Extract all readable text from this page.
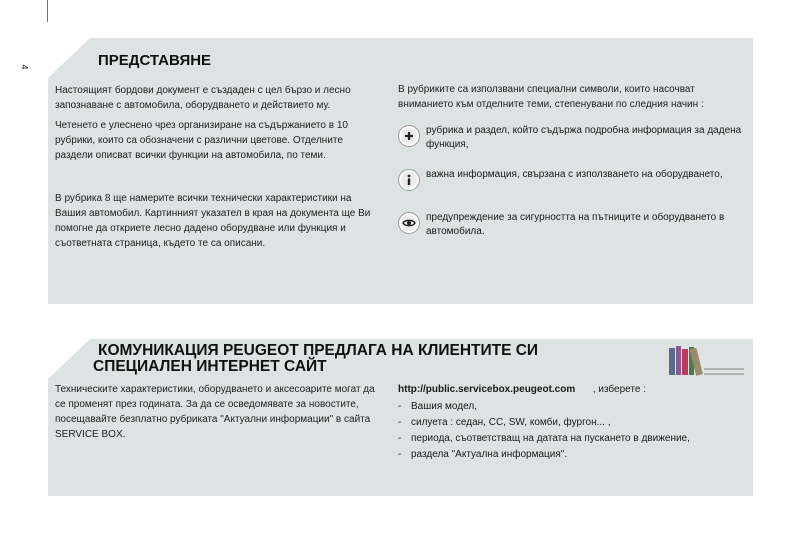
4	ПРЕДСТАВЯНЕ
Настоящият бордови документ е създаден с цел бързо и лесно запознаване с автомобила, оборудването и действието му.
Четенето е улеснено чрез организиране на съдържанието в 10 рубрики, които са обозначени с различни цветове. Отделните раздели описват всички функции на автомобила, по теми.
В рубрика 8 ще намерите всички технически характеристики на Вашия автомобил. Картинният указател в края на документа ще Ви помогне да откриете лесно дадено оборудване или функция и съответната страница, където те са описани.
В рубриките са използвани специални символи, които насочват вниманието към отделните теми, степенувани по следния начин :
рубрика и раздел, който съдържа подробна информация за дадена функция,
важна информация, свързана с използването на оборудването,
предупреждение за сигурността на пътниците и оборудването в автомобила.
КОМУНИКАЦИЯ PEUGEOT ПРЕДЛАГА НА КЛИЕНТИТЕ СИ
СПЕЦИАЛЕН ИНТЕРНЕТ САЙТ
Техническите характеристики, оборудването и аксесоарите могат да се променят през годината. За да се осведомявате за новостите, посещавайте безплатно рубриката "Актуални информации" в сайта SERVICE BOX.
http://public.servicebox.peugeot.com , изберете :
- Вашия модел,
- силуета : седан, CC, SW, комби, фургон... ,
- периода, съответстващ на датата на пускането в движение,
- раздела "Актуална информация".
